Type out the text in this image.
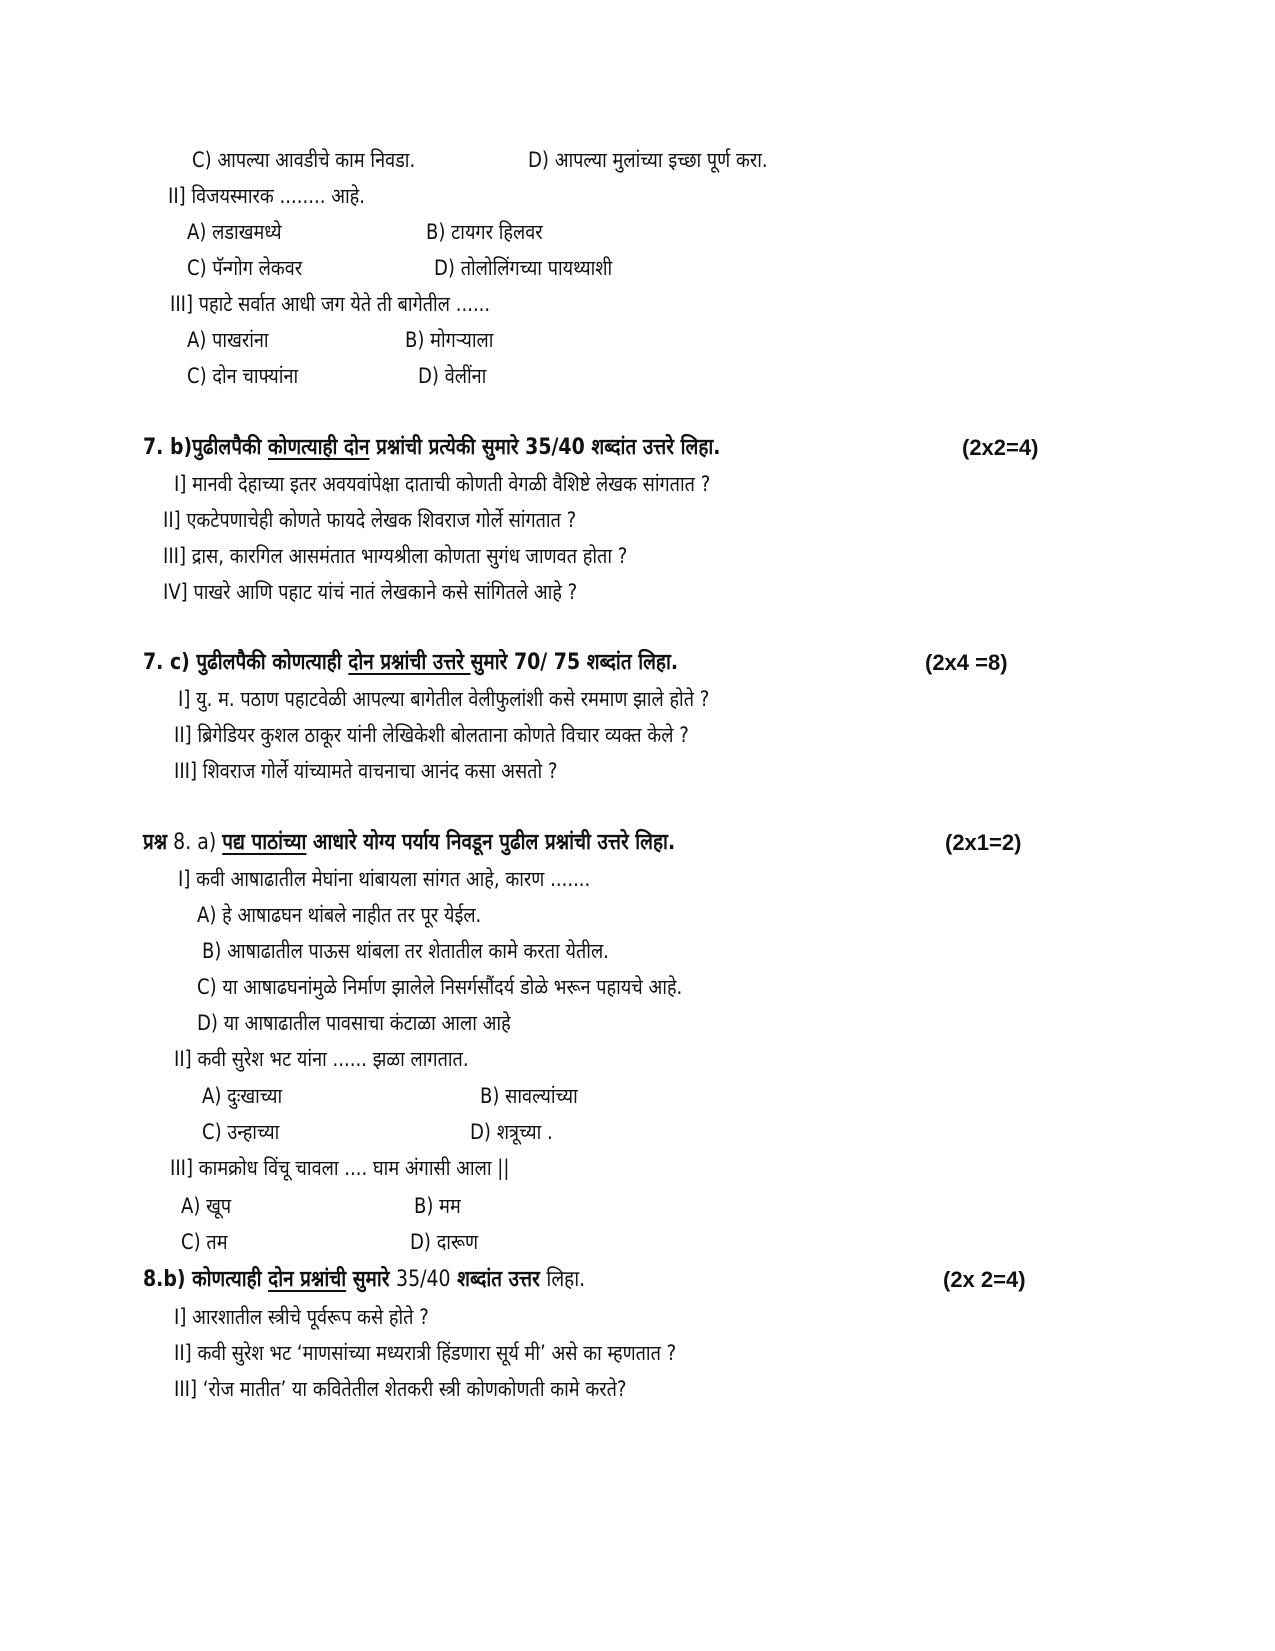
C) आपल्या आवडीचे काम निवडा.	D) आपल्या मुलांच्या इच्छा पूर्ण करा.
II] विजयस्मारक ........ आहे.
A) लडाखमध्ये	B) टायगर हिलवर
C) पॅन्गोग लेकवर	D) तोलोलिंगच्या पायथ्याशी
III] पहाटे सर्वात आधी जग येते ती बागेतील ......
A) पाखरांना	B) मोगऱ्याला
C) दोन चाफ्यांना	D) वेलींना
7. b)पुढीलपैकी कोणत्याही दोन प्रश्नांची प्रत्येकी सुमारे 35/40 शब्दांत उत्तरे लिहा.	(2x2=4)
I] मानवी देहाच्या इतर अवयवांपेक्षा दाताची कोणती वेगळी वैशिष्टे लेखक सांगतात ?
II] एकटेपणाचेही कोणते फायदे लेखक शिवराज गोर्ले सांगतात ?
III] द्रास, कारगिल आसमंतात भाग्यश्रीला कोणता सुगंध जाणवत होता ?
IV] पाखरे आणि पहाट यांचं नातं लेखकाने कसे सांगितले आहे ?
7. c) पुढीलपैकी कोणत्याही दोन प्रश्नांची उत्तरे सुमारे 70/ 75 शब्दांत लिहा.	(2x4 =8)
I] यु. म. पठाण पहाटवेळी आपल्या बागेतील वेलीफुलांशी कसे रममाण झाले होते ?
II] ब्रिगेडियर कुशल ठाकूर यांनी लेखिकेशी बोलताना कोणते विचार व्यक्त केले ?
III] शिवराज गोर्ले यांच्यामते वाचनाचा आनंद कसा असतो ?
प्रश्न 8. a) पद्य पाठांच्या आधारे योग्य पर्याय निवडून पुढील प्रश्नांची उत्तरे लिहा.	(2x1=2)
I] कवी आषाढातील मेघांना थांबायला सांगत आहे, कारण .......
A) हे आषाढघन थांबले नाहीत तर पूर येईल.
B) आषाढातील पाऊस थांबला तर शेतातील कामे करता येतील.
C) या आषाढघनांमुळे निर्माण झालेले निसर्गसौंदर्य डोळे भरून पहायचे आहे.
D) या आषाढातील पावसाचा कंटाळा आला आहे
II] कवी सुरेश भट यांना ...... झळा लागतात.
A) दुःखाच्या	B) सावल्यांच्या
C) उन्हाच्या	D) शत्रूच्या .
III] कामक्रोध विंचू चावला .... घाम अंगासी आला ||
A) खूप	B) मम
C) तम	D) दारूण
8.b) कोणत्याही दोन प्रश्नांची सुमारे 35/40 शब्दांत उत्तर लिहा.	(2x 2=4)
I] आरशातील स्त्रीचे पूर्वरूप कसे होते ?
II] कवी सुरेश भट ‘माणसांच्या मध्यरात्री हिंडणारा सूर्य मी’ असे का म्हणतात ?
III] ‘रोज मातीत’ या कवितेतील शेतकरी स्त्री कोणकोणती कामे करते?
